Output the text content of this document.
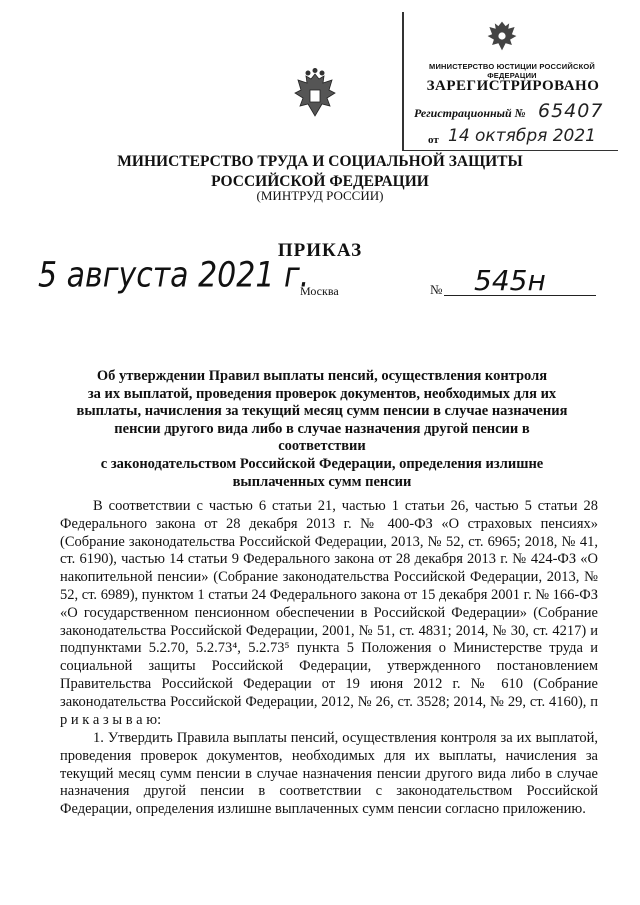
МИНИСТЕРСТВО ЮСТИЦИИ РОССИЙСКОЙ ФЕДЕРАЦИИ
ЗАРЕГИСТРИРОВАНО
Регистрационный № 65407
от 14 октября 2021
МИНИСТЕРСТВО ТРУДА И СОЦИАЛЬНОЙ ЗАЩИТЫ
РОССИЙСКОЙ ФЕДЕРАЦИИ
(МИНТРУД РОССИИ)
ПРИКАЗ
5 августа 2021 г.
Москва	№ 545н
Об утверждении Правил выплаты пенсий, осуществления контроля
за их выплатой, проведения проверок документов, необходимых для их
выплаты, начисления за текущий месяц сумм пенсии в случае назначения
пенсии другого вида либо в случае назначения другой пенсии в соответствии
с законодательством Российской Федерации, определения излишне
выплаченных сумм пенсии

В соответствии с частью 6 статьи 21, частью 1 статьи 26, частью 5 статьи 28 Федерального закона от 28 декабря 2013 г. № 400-ФЗ «О страховых пенсиях» (Собрание законодательства Российской Федерации, 2013, № 52, ст. 6965; 2018, № 41, ст. 6190), частью 14 статьи 9 Федерального закона от 28 декабря 2013 г. № 424-ФЗ «О накопительной пенсии» (Собрание законодательства Российской Федерации, 2013, № 52, ст. 6989), пунктом 1 статьи 24 Федерального закона от 15 декабря 2001 г. № 166-ФЗ «О государственном пенсионном обеспечении в Российской Федерации» (Собрание законодательства Российской Федерации, 2001, № 51, ст. 4831; 2014, № 30, ст. 4217) и подпунктами 5.2.70, 5.2.73⁴, 5.2.73⁵ пункта 5 Положения о Министерстве труда и социальной защиты Российской Федерации, утвержденного постановлением Правительства Российской Федерации от 19 июня 2012 г. № 610 (Собрание законодательства Российской Федерации, 2012, № 26, ст. 3528; 2014, № 29, ст. 4160), п р и к а з ы в а ю:

1. Утвердить Правила выплаты пенсий, осуществления контроля за их выплатой, проведения проверок документов, необходимых для их выплаты, начисления за текущий месяц сумм пенсии в случае назначения пенсии другого вида либо в случае назначения другой пенсии в соответствии с законодательством Российской Федерации, определения излишне выплаченных сумм пенсии согласно приложению.
